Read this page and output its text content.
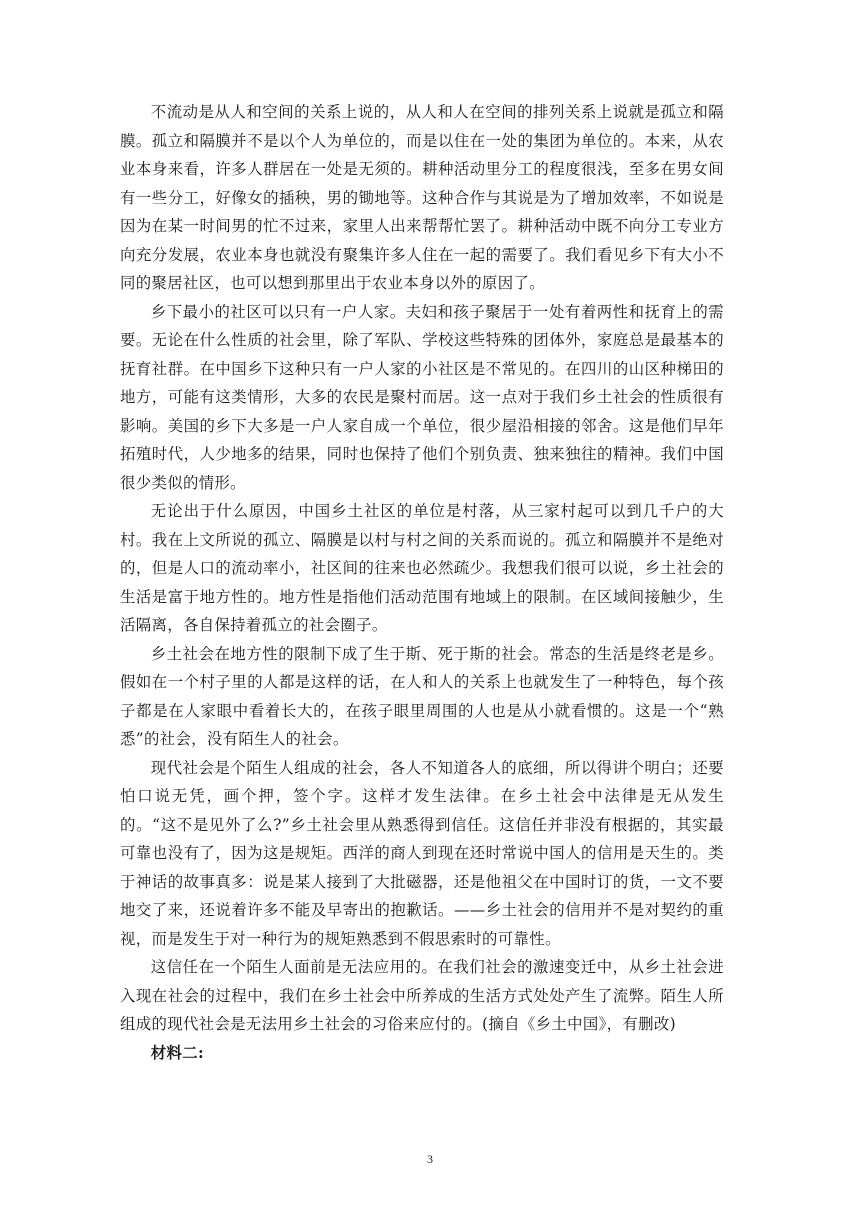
不流动是从人和空间的关系上说的，从人和人在空间的排列关系上说就是孤立和隔膜。孤立和隔膜并不是以个人为单位的，而是以住在一处的集团为单位的。本来，从农业本身来看，许多人群居在一处是无须的。耕种活动里分工的程度很浅，至多在男女间有一些分工，好像女的插秧，男的锄地等。这种合作与其说是为了增加效率，不如说是因为在某一时间男的忙不过来，家里人出来帮帮忙罢了。耕种活动中既不向分工专业方向充分发展，农业本身也就没有聚集许多人住在一起的需要了。我们看见乡下有大小不同的聚居社区，也可以想到那里出于农业本身以外的原因了。

乡下最小的社区可以只有一户人家。夫妇和孩子聚居于一处有着两性和抚育上的需要。无论在什么性质的社会里，除了军队、学校这些特殊的团体外，家庭总是最基本的抚育社群。在中国乡下这种只有一户人家的小社区是不常见的。在四川的山区种梯田的地方，可能有这类情形，大多的农民是聚村而居。这一点对于我们乡土社会的性质很有影响。美国的乡下大多是一户人家自成一个单位，很少屋沿相接的邻舍。这是他们早年拓殖时代，人少地多的结果，同时也保持了他们个别负责、独来独往的精神。我们中国很少类似的情形。

无论出于什么原因，中国乡土社区的单位是村落，从三家村起可以到几千户的大村。我在上文所说的孤立、隔膜是以村与村之间的关系而说的。孤立和隔膜并不是绝对的，但是人口的流动率小，社区间的往来也必然疏少。我想我们很可以说，乡土社会的生活是富于地方性的。地方性是指他们活动范围有地域上的限制。在区域间接触少，生活隔离，各自保持着孤立的社会圈子。

乡土社会在地方性的限制下成了生于斯、死于斯的社会。常态的生活是终老是乡。假如在一个村子里的人都是这样的话，在人和人的关系上也就发生了一种特色，每个孩子都是在人家眼中看着长大的，在孩子眼里周围的人也是从小就看惯的。这是一个“熟悉”的社会，没有陌生人的社会。

现代社会是个陌生人组成的社会，各人不知道各人的底细，所以得讲个明白；还要怕口说无凭，画个押，签个字。这样才发生法律。在乡土社会中法律是无从发生的。“这不是见外了么?”乡土社会里从熟悉得到信任。这信任并非没有根据的，其实最可靠也没有了，因为这是规矩。西洋的商人到现在还时常说中国人的信用是天生的。类于神话的故事真多：说是某人接到了大批磁器，还是他祖父在中国时订的货，一文不要地交了来，还说着许多不能及早寄出的抱歉话。——乡土社会的信用并不是对契约的重视，而是发生于对一种行为的规矩熟悉到不假思索时的可靠性。

这信任在一个陌生人面前是无法应用的。在我们社会的激速变迁中，从乡土社会进入现在社会的过程中，我们在乡土社会中所养成的生活方式处处产生了流弊。陌生人所组成的现代社会是无法用乡土社会的习俗来应付的。(摘自《乡土中国》，有删改)

材料二:

3
